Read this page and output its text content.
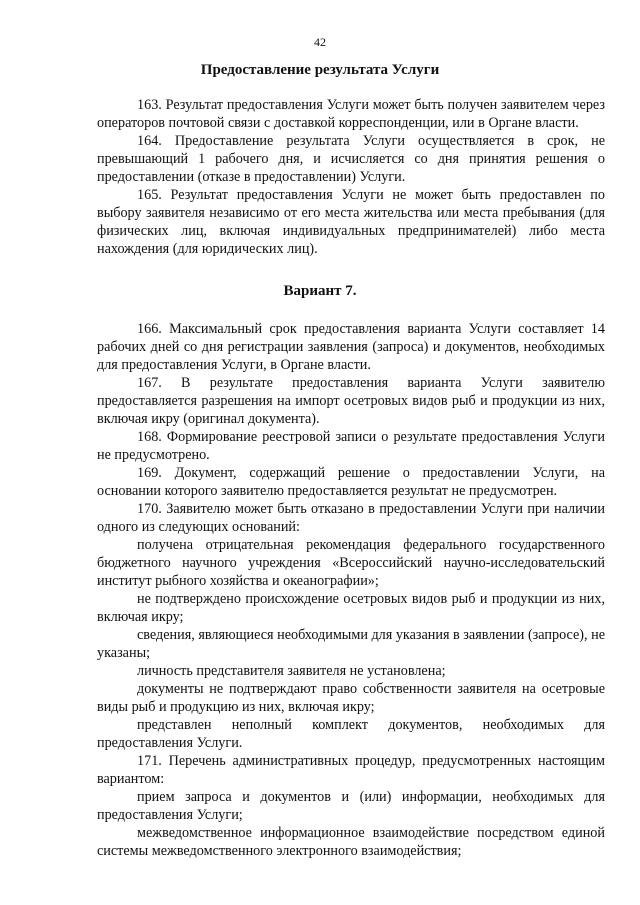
42
Предоставление результата Услуги

163. Результат предоставления Услуги может быть получен заявителем через операторов почтовой связи с доставкой корреспонденции, или в Органе власти.

164. Предоставление результата Услуги осуществляется в срок, не превышающий 1 рабочего дня, и исчисляется со дня принятия решения о предоставлении (отказе в предоставлении) Услуги.

165. Результат предоставления Услуги не может быть предоставлен по выбору заявителя независимо от его места жительства или места пребывания (для физических лиц, включая индивидуальных предпринимателей) либо места нахождения (для юридических лиц).

Вариант 7.

166. Максимальный срок предоставления варианта Услуги составляет 14 рабочих дней со дня регистрации заявления (запроса) и документов, необходимых для предоставления Услуги, в Органе власти.

167. В результате предоставления варианта Услуги заявителю предоставляется разрешения на импорт осетровых видов рыб и продукции из них, включая икру (оригинал документа).

168. Формирование реестровой записи о результате предоставления Услуги не предусмотрено.

169. Документ, содержащий решение о предоставлении Услуги, на основании которого заявителю предоставляется результат не предусмотрен.

170. Заявителю может быть отказано в предоставлении Услуги при наличии одного из следующих оснований:

получена отрицательная рекомендация федерального государственного бюджетного научного учреждения «Всероссийский научно-исследовательский институт рыбного хозяйства и океанографии»;

не подтверждено происхождение осетровых видов рыб и продукции из них, включая икру;

сведения, являющиеся необходимыми для указания в заявлении (запросе), не указаны;

личность представителя заявителя не установлена;

документы не подтверждают право собственности заявителя на осетровые виды рыб и продукцию из них, включая икру;

представлен неполный комплект документов, необходимых для предоставления Услуги.

171. Перечень административных процедур, предусмотренных настоящим вариантом:

прием запроса и документов и (или) информации, необходимых для предоставления Услуги;

межведомственное информационное взаимодействие посредством единой системы межведомственного электронного взаимодействия;
